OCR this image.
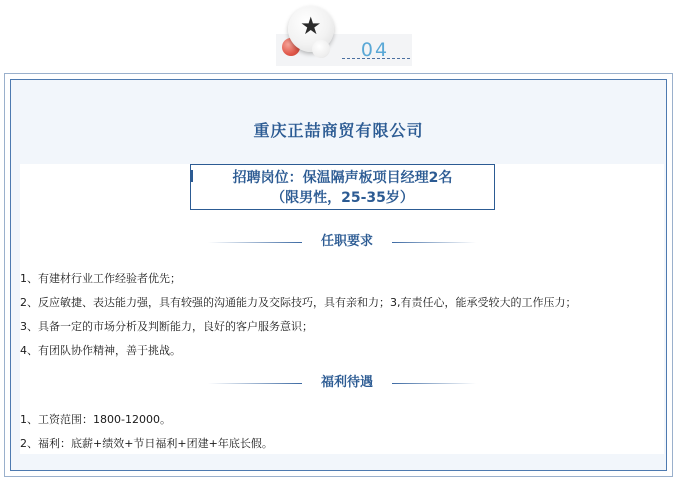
★
04
重庆正喆商贸有限公司
招聘岗位：保温隔声板项目经理2名
（限男性，25-35岁）
任职要求
1、有建材行业工作经验者优先；
2、反应敏捷、表达能力强，具有较强的沟通能力及交际技巧，具有亲和力；3,有责任心，能承受较大的工作压力；
3、具备一定的市场分析及判断能力，良好的客户服务意识；
4、有团队协作精神，善于挑战。
福利待遇
1、工资范围：1800-12000。
2、福利：底薪+绩效+节日福利+团建+年底长假。
